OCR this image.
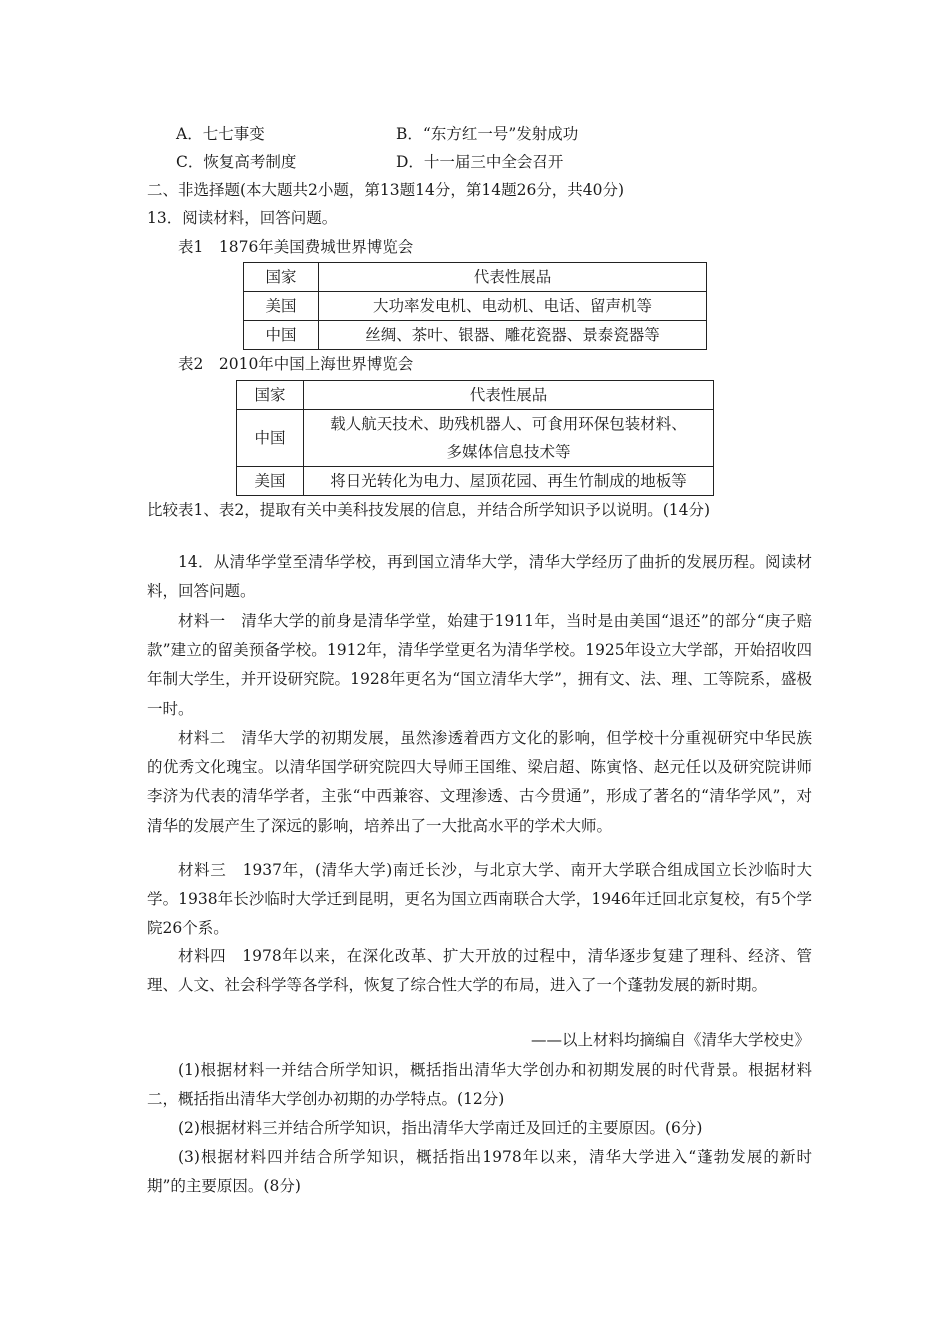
A．七七事变	B．“东方红一号”发射成功
C．恢复高考制度	D．十一届三中全会召开
二、非选择题(本大题共2小题，第13题14分，第14题26分，共40分)
13．阅读材料，回答问题。
表1　1876年美国费城世界博览会
国家	代表性展品
美国	大功率发电机、电动机、电话、留声机等
中国	丝绸、茶叶、银器、雕花瓷器、景泰瓷器等
表2　2010年中国上海世界博览会
国家	代表性展品
中国	载人航天技术、助残机器人、可食用环保包装材料、
多媒体信息技术等

美国	将日光转化为电力、屋顶花园、再生竹制成的地板等
比较表1、表2，提取有关中美科技发展的信息，并结合所学知识予以说明。(14分)
14．从清华学堂至清华学校，再到国立清华大学，清华大学经历了曲折的发展历程。阅读材料，回答问题。
材料一　清华大学的前身是清华学堂，始建于1911年，当时是由美国“退还”的部分“庚子赔款”建立的留美预备学校。1912年，清华学堂更名为清华学校。1925年设立大学部，开始招收四年制大学生，并开设研究院。1928年更名为“国立清华大学”，拥有文、法、理、工等院系，盛极一时。
材料二　清华大学的初期发展，虽然渗透着西方文化的影响，但学校十分重视研究中华民族的优秀文化瑰宝。以清华国学研究院四大导师王国维、梁启超、陈寅恪、赵元任以及研究院讲师李济为代表的清华学者，主张“中西兼容、文理渗透、古今贯通”，形成了著名的“清华学风”，对清华的发展产生了深远的影响，培养出了一大批高水平的学术大师。
材料三　1937年，(清华大学)南迁长沙，与北京大学、南开大学联合组成国立长沙临时大学。1938年长沙临时大学迁到昆明，更名为国立西南联合大学，1946年迁回北京复校，有5个学院26个系。
材料四　1978年以来，在深化改革、扩大开放的过程中，清华逐步复建了理科、经济、管理、人文、社会科学等各学科，恢复了综合性大学的布局，进入了一个蓬勃发展的新时期。
——以上材料均摘编自《清华大学校史》
(1)根据材料一并结合所学知识，概括指出清华大学创办和初期发展的时代背景。根据材料二，概括指出清华大学创办初期的办学特点。(12分)
(2)根据材料三并结合所学知识，指出清华大学南迁及回迁的主要原因。(6分)
(3)根据材料四并结合所学知识，概括指出1978年以来，清华大学进入“蓬勃发展的新时期”的主要原因。(8分)
